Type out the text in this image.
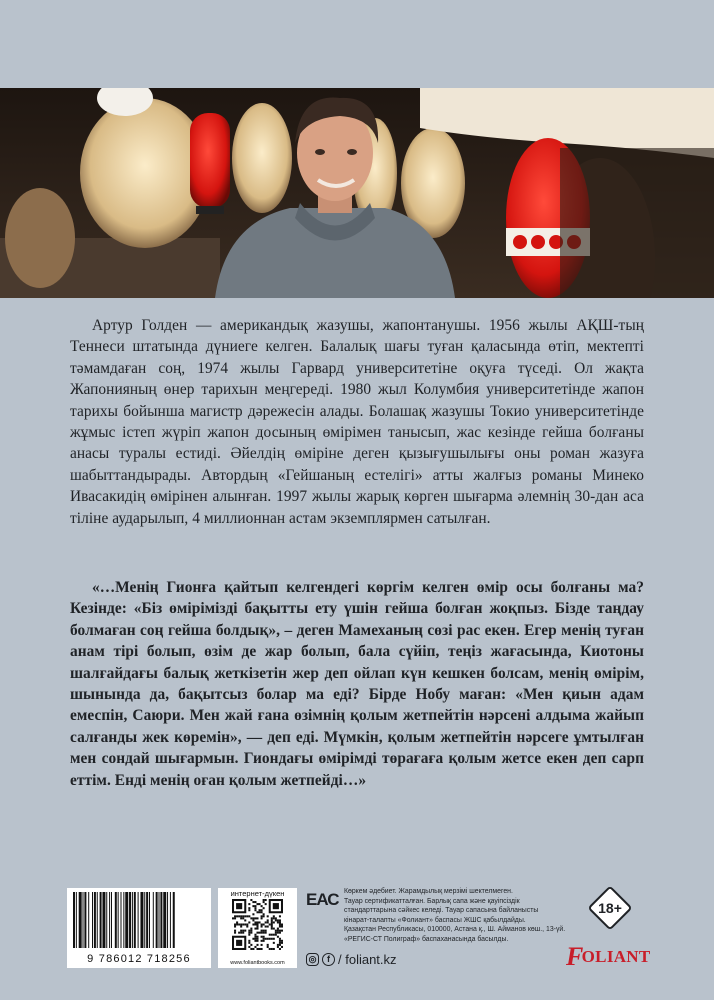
Артур Голден — американдық жазушы, жапонтанушы. 1956 жылы АҚШ-тың Теннеси штатында дүниеге келген. Балалық шағы туған қаласында өтіп, мектепті тәмамдаған соң, 1974 жылы Гарвард университетіне оқуға түседі. Ол жақта Жапонияның өнер тарихын меңгереді. 1980 жыл Колумбия университетінде жапон тарихы бойынша магистр дәрежесін алады. Болашақ жазушы Токио университетінде жұмыс істеп жүріп жапон досының өмірімен танысып, жас кезінде гейша болғаны анасы туралы естиді. Әйелдің өміріне деген қызығушылығы оны роман жазуға шабыттандырады. Автордың «Гейшаның естелігі» атты жалғыз романы Минеко Ивасакидің өмірінен алынған. 1997 жылы жарық көрген шығарма әлемнің 30-дан аса тіліне аударылып, 4 миллионнан астам экземплярмен сатылған.

«…Менің Гионға қайтып келгендегі көргім келген өмір осы болғаны ма? Кезінде: «Біз өмірімізді бақытты ету үшін гейша болған жоқпыз. Бізде таңдау болмаған соң гейша болдық», – деген Мамеханың сөзі рас екен. Егер менің туған анам тірі болып, өзім де жар болып, бала сүйіп, теңіз жағасында, Киотоны шалғайдағы балық жеткізетін жер деп ойлап күн кешкен болсам, менің өмірім, шынында да, бақытсыз болар ма еді? Бірде Нобу маған: «Мен қиын адам емеспін, Саюри. Мен жай ғана өзімнің қолым жетпейтін нәрсені алдыма жайып салғанды жек көремін», — деп еді. Мүмкін, қолым жетпейтін нәрсеге ұмтылған мен сондай шығармын. Гиондағы өмірімді төрағаға қолым жетсе екен деп сарп еттім. Енді менің оған қолым жетпейді…»

9 786012 718256
интернет-дүкен
www.foliantbooks.com
ЕАС Көркем әдебиет. Жарамдылық мерзімі шектелмеген.
Тауар сертификатталған. Барлық сапа және қауіпсіздік
стандарттарына сәйкес келеді. Тауар сапасына байланысты
кінарат-талапты «Фолиант» баспасы ЖШС қабылдайды.
Қазақстан Республикасы, 010000, Астана қ., Ш. Айманов көш., 13-үй.
«РЕГИС-СТ Полиграф» баспаханасында басылды.
18+
◎	f / foliant.kz	FOLIANT
